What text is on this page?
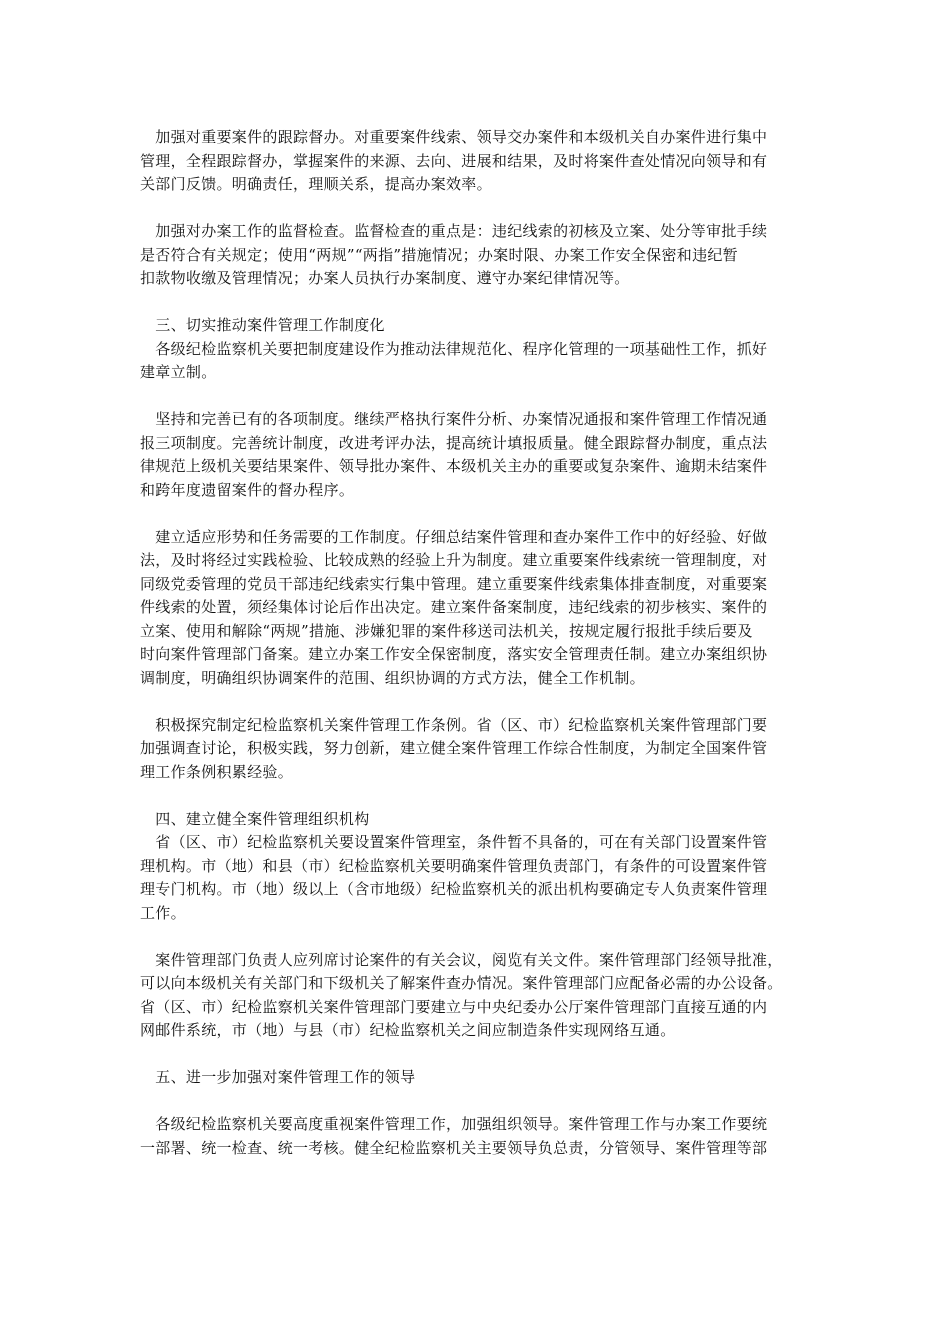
　加强对重要案件的跟踪督办。对重要案件线索、领导交办案件和本级机关自办案件进行集中
管理，全程跟踪督办，掌握案件的来源、去向、进展和结果，及时将案件查处情况向领导和有
关部门反馈。明确责任，理顺关系，提高办案效率。
　加强对办案工作的监督检查。监督检查的重点是：违纪线索的初核及立案、处分等审批手续
是否符合有关规定；使用“两规”“两指”措施情况；办案时限、办案工作安全保密和违纪暂
扣款物收缴及管理情况；办案人员执行办案制度、遵守办案纪律情况等。
　三、切实推动案件管理工作制度化
　各级纪检监察机关要把制度建设作为推动法律规范化、程序化管理的一项基础性工作，抓好
建章立制。
　坚持和完善已有的各项制度。继续严格执行案件分析、办案情况通报和案件管理工作情况通
报三项制度。完善统计制度，改进考评办法，提高统计填报质量。健全跟踪督办制度，重点法
律规范上级机关要结果案件、领导批办案件、本级机关主办的重要或复杂案件、逾期未结案件
和跨年度遗留案件的督办程序。
　建立适应形势和任务需要的工作制度。仔细总结案件管理和查办案件工作中的好经验、好做
法，及时将经过实践检验、比较成熟的经验上升为制度。建立重要案件线索统一管理制度，对
同级党委管理的党员干部违纪线索实行集中管理。建立重要案件线索集体排查制度，对重要案
件线索的处置，须经集体讨论后作出决定。建立案件备案制度，违纪线索的初步核实、案件的
立案、使用和解除“两规”措施、涉嫌犯罪的案件移送司法机关，按规定履行报批手续后要及
时向案件管理部门备案。建立办案工作安全保密制度，落实安全管理责任制。建立办案组织协
调制度，明确组织协调案件的范围、组织协调的方式方法，健全工作机制。
　积极探究制定纪检监察机关案件管理工作条例。省（区、市）纪检监察机关案件管理部门要
加强调查讨论，积极实践，努力创新，建立健全案件管理工作综合性制度，为制定全国案件管
理工作条例积累经验。
　四、建立健全案件管理组织机构
　省（区、市）纪检监察机关要设置案件管理室，条件暂不具备的，可在有关部门设置案件管
理机构。市（地）和县（市）纪检监察机关要明确案件管理负责部门，有条件的可设置案件管
理专门机构。市（地）级以上（含市地级）纪检监察机关的派出机构要确定专人负责案件管理
工作。
　案件管理部门负责人应列席讨论案件的有关会议，阅览有关文件。案件管理部门经领导批准，
可以向本级机关有关部门和下级机关了解案件查办情况。案件管理部门应配备必需的办公设备。
省（区、市）纪检监察机关案件管理部门要建立与中央纪委办公厅案件管理部门直接互通的内
网邮件系统，市（地）与县（市）纪检监察机关之间应制造条件实现网络互通。
　五、进一步加强对案件管理工作的领导
　各级纪检监察机关要高度重视案件管理工作，加强组织领导。案件管理工作与办案工作要统
一部署、统一检查、统一考核。健全纪检监察机关主要领导负总责，分管领导、案件管理等部
